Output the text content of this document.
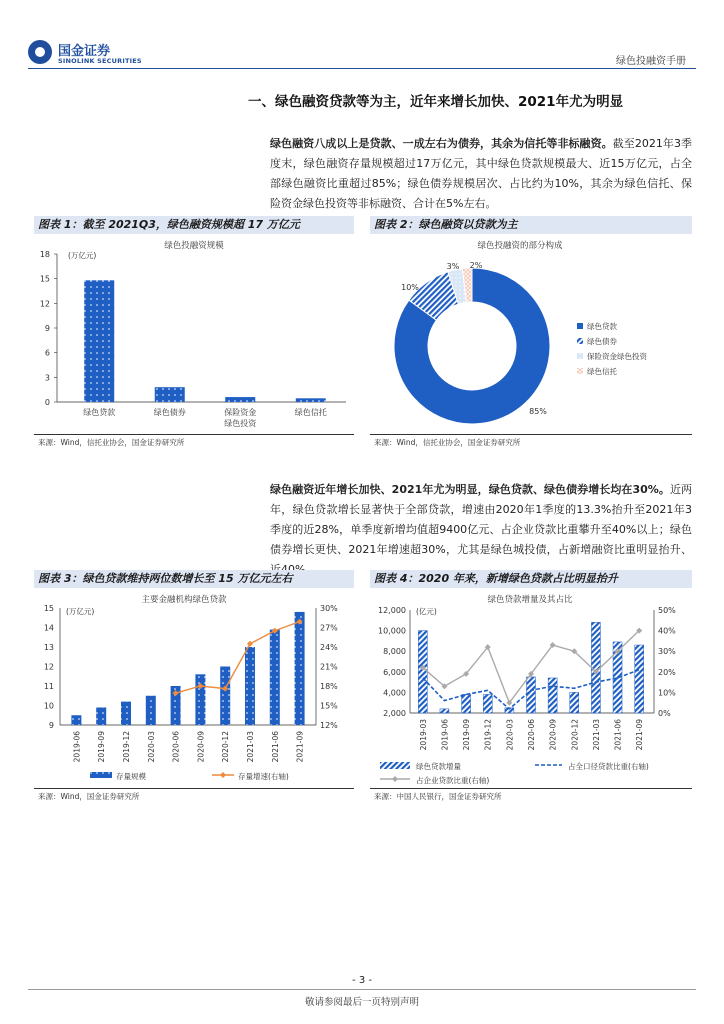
国金证券
SINOLINK SECURITIES	绿色投融资手册
一、绿色融资贷款等为主，近年来增长加快、2021年尤为明显
绿色融资八成以上是贷款、一成左右为债券，其余为信托等非标融资。截至2021年3季度末，绿色融资存量规模超过17万亿元，其中绿色贷款规模最大、近15万亿元，占全部绿色融资比重超过85%；绿色债券规模居次、占比约为10%，其余为绿色信托、保险资金绿色投资等非标融资、合计在5%左右。
图表 1：截至 2021Q3，绿色融资规模超 17 万亿元
0
3
6
9
12
15
18
绿色投融资规模
(万亿元)
绿色贷款	绿色债券	保险资金
绿色投资
绿色信托
来源：Wind，信托业协会，国金证券研究所
图表 2：绿色融资以贷款为主
绿色投融资的部分构成
85%
10%
3% 2%
绿色贷款
绿色债券
保险资金绿色投资
绿色信托
来源：Wind，信托业协会，国金证券研究所
绿色融资近年增长加快、2021年尤为明显，绿色贷款、绿色债券增长均在30%。近两年，绿色贷款增长显著快于全部贷款，增速由2020年1季度的13.3%抬升至2021年3季度的近28%，单季度新增均值超9400亿元、占企业贷款比重攀升至40%以上；绿色债券增长更快、2021年增速超30%，尤其是绿色城投债，占新增融资比重明显抬升、
图表 3：绿色贷款维持两位数增长至 15 万亿元左右
主要金融机构绿色贷款
(万亿元)
9
10
11
12
13
14
15
12%
15%
18%
21%
24%
27%
30%
2019-06 2019-09 2019-12 2020-03 2020-06 2020-09 2020-12 2021-03 2021-06 2021-09
存量规模	存量增速(右轴)
来源：Wind，国金证券研究所
图表 4：2020 年来，新增绿色贷款占比明显抬升
绿色贷款增量及其占比
(亿元)
2,000
4,000
6,000
8,000
10,000
12,000
0%
10%
20%
30%
40%
50%
2019-03 2019-06 2019-09 2019-12 2020-03 2020-06 2020-09 2020-12 2021-03 2021-06 2021-09
绿色贷款增量	占全口径贷款比重(右轴)
占企业贷款比重(右轴)
来源：中国人民银行，国金证券研究所
- 3 -
敬请参阅最后一页特别声明
